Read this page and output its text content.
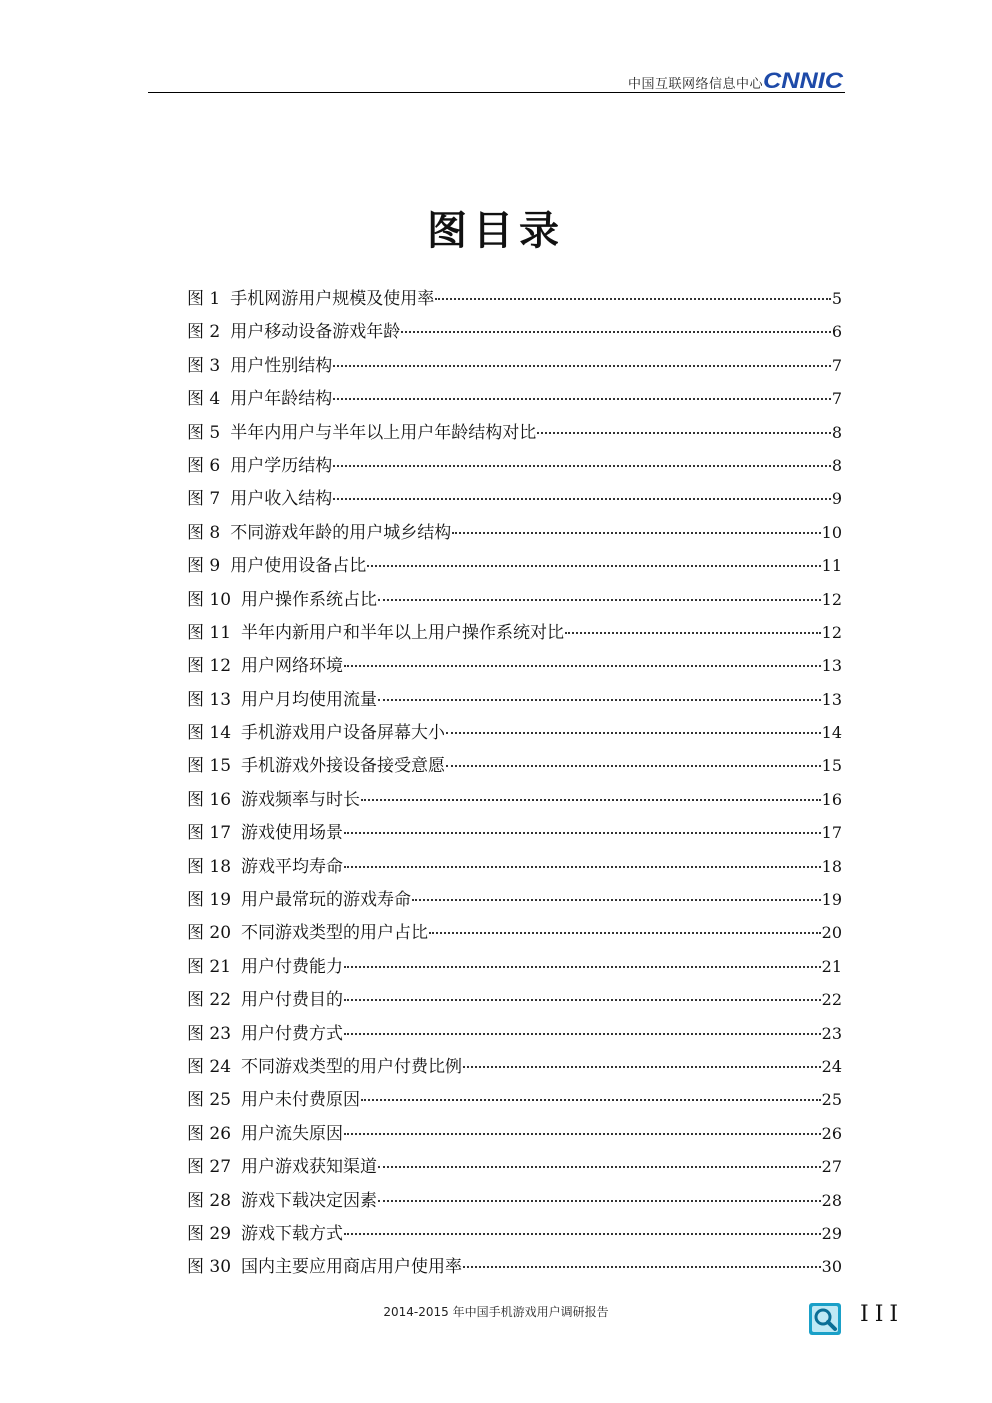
中国互联网络信息中心 CNNIC
图目录
图 1 手机网游用户规模及使用率	5
图 2 用户移动设备游戏年龄	6
图 3 用户性别结构	7
图 4 用户年龄结构	7
图 5 半年内用户与半年以上用户年龄结构对比	8
图 6 用户学历结构	8
图 7 用户收入结构	9
图 8 不同游戏年龄的用户城乡结构	10
图 9 用户使用设备占比	11
图 10 用户操作系统占比	12
图 11 半年内新用户和半年以上用户操作系统对比	12
图 12 用户网络环境	13
图 13 用户月均使用流量	13
图 14 手机游戏用户设备屏幕大小	14
图 15 手机游戏外接设备接受意愿	15
图 16 游戏频率与时长	16
图 17 游戏使用场景	17
图 18 游戏平均寿命	18
图 19 用户最常玩的游戏寿命	19
图 20 不同游戏类型的用户占比	20
图 21 用户付费能力	21
图 22 用户付费目的	22
图 23 用户付费方式	23
图 24 不同游戏类型的用户付费比例	24
图 25 用户未付费原因	25
图 26 用户流失原因	26
图 27 用户游戏获知渠道	27
图 28 游戏下载决定因素	28
图 29 游戏下载方式	29
图 30 国内主要应用商店用户使用率	30
2014-2015 年中国手机游戏用户调研报告	III
